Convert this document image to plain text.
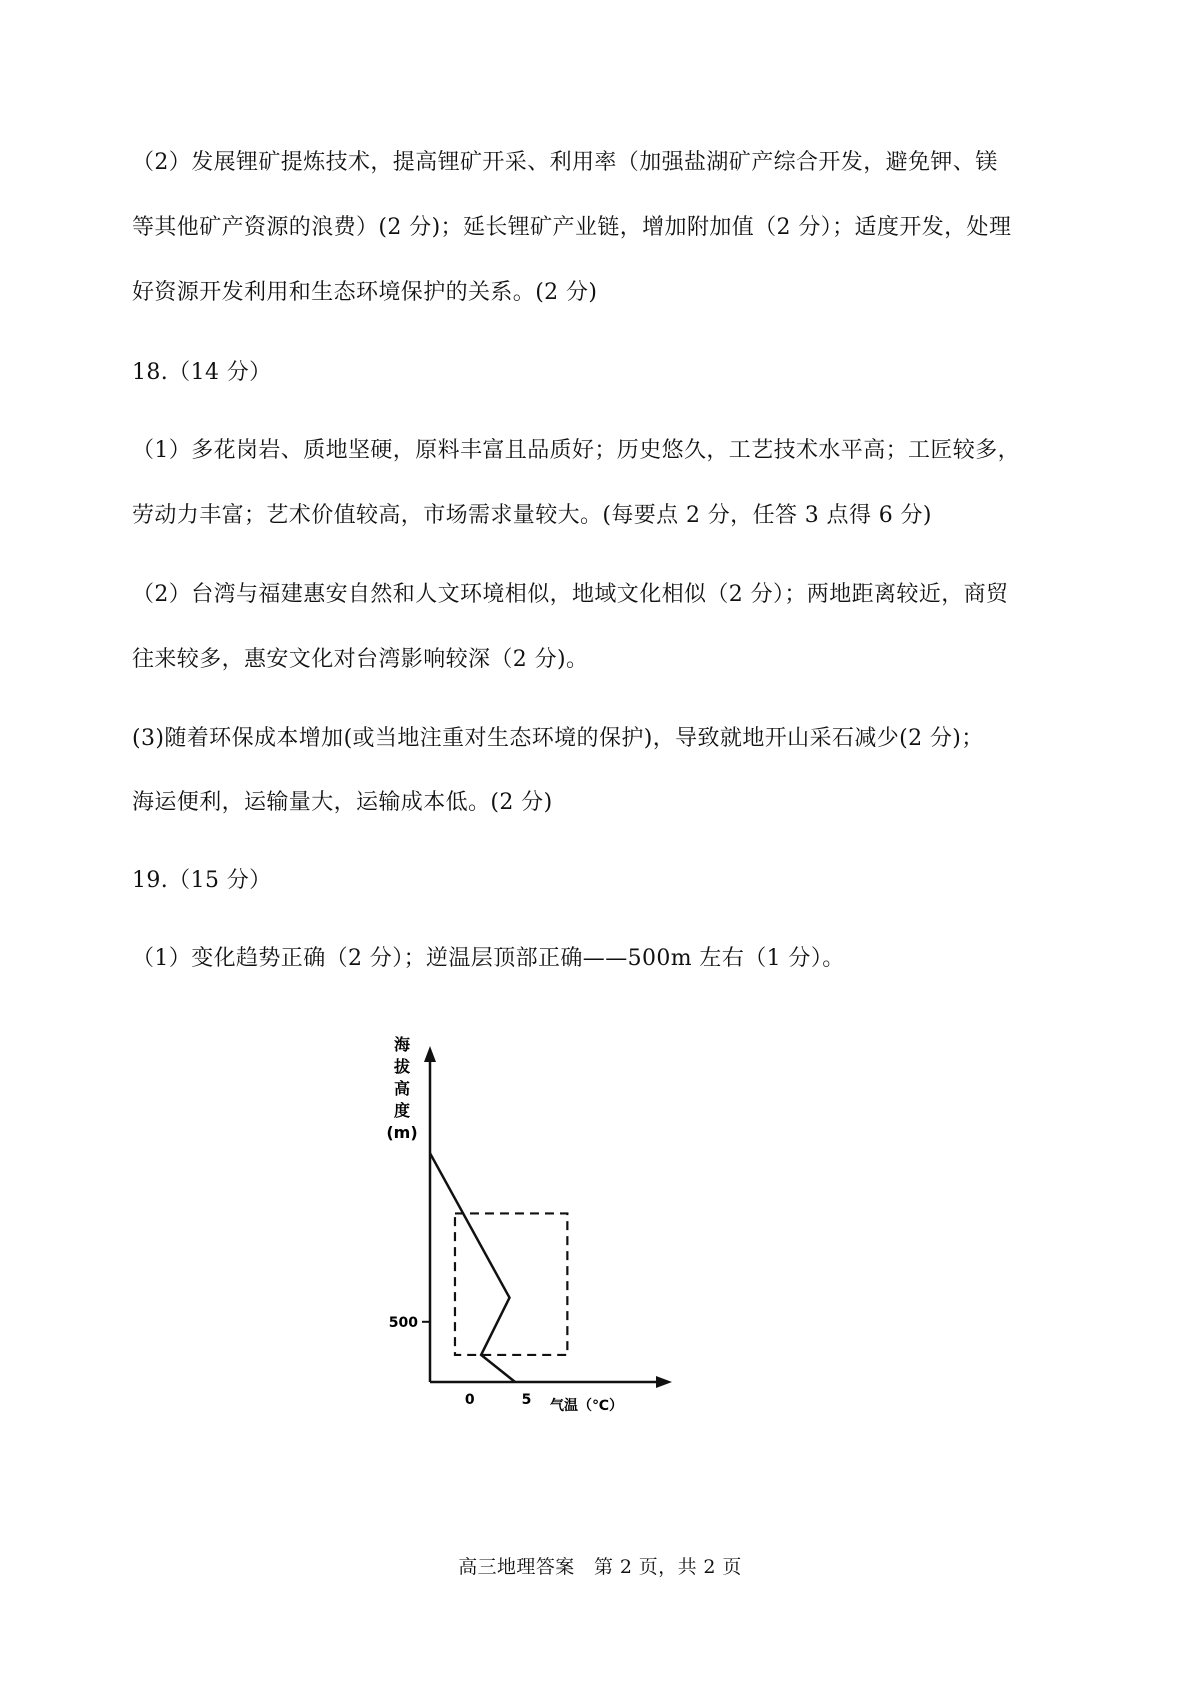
（2）发展锂矿提炼技术，提高锂矿开采、利用率（加强盐湖矿产综合开发，避免钾、镁
等其他矿产资源的浪费）(2 分)；延长锂矿产业链，增加附加值（2 分）；适度开发，处理
好资源开发利用和生态环境保护的关系。(2 分)
18.（14 分）
（1）多花岗岩、质地坚硬，原料丰富且品质好；历史悠久，工艺技术水平高；工匠较多，
劳动力丰富；艺术价值较高，市场需求量较大。(每要点 2 分，任答 3 点得 6 分)
（2）台湾与福建惠安自然和人文环境相似，地域文化相似（2 分）；两地距离较近，商贸
往来较多，惠安文化对台湾影响较深（2 分)。
(3)随着环保成本增加(或当地注重对生态环境的保护)，导致就地开山采石减少(2 分)；
海运便利，运输量大，运输成本低。(2 分)
19.（15 分）
（1）变化趋势正确（2 分）；逆温层顶部正确——500m 左右（1 分）。
500
0	5 气温（℃）
海
拔
高
度
(m)
高三地理答案　第 2 页，共 2 页
